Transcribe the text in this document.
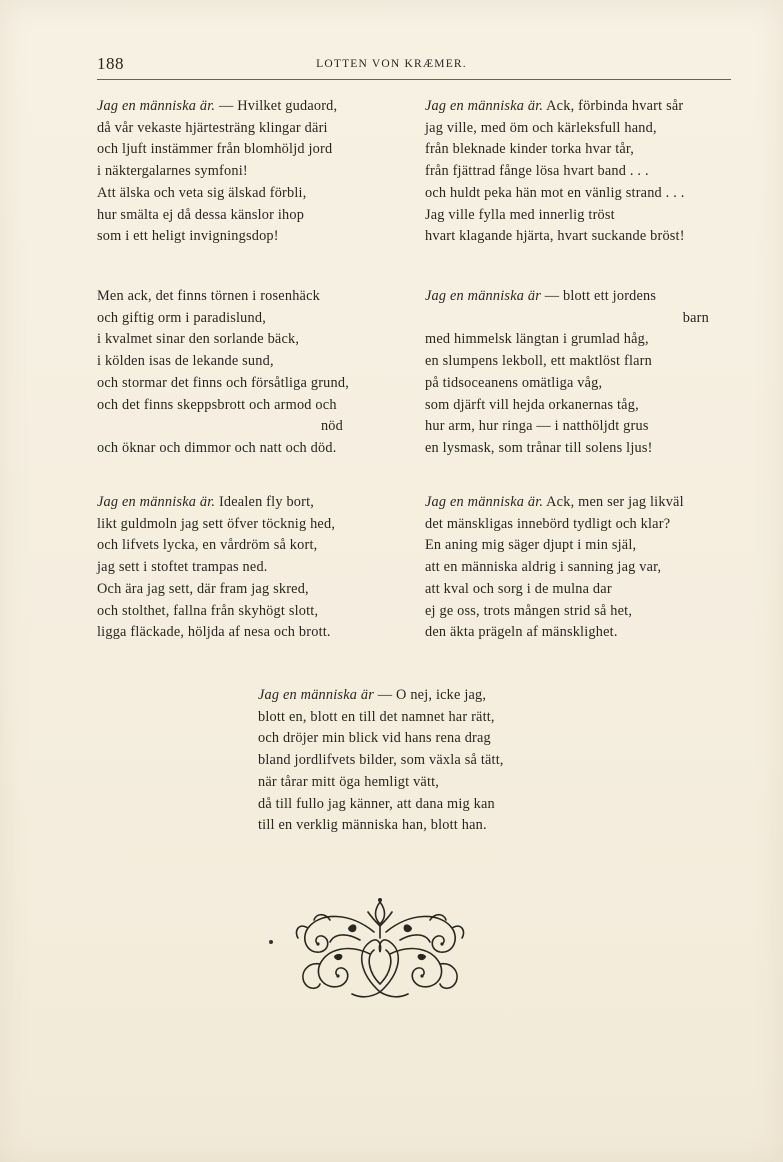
188	LOTTEN VON KRÆMER.
Jag en människa är. — Hvilket gudaord,
då vår vekaste hjärtesträng klingar däri
och ljuft instämmer från blomhöljd jord
i näktergalarnes symfoni!
Att älska och veta sig älskad förbli,
hur smälta ej då dessa känslor ihop
som i ett heligt invigningsdop!
Jag en människa är. Ack, förbinda hvart sår
jag ville, med öm och kärleksfull hand,
från bleknade kinder torka hvar tår,
från fjättrad fånge lösa hvart band . . .
och huldt peka hän mot en vänlig strand . . .
Jag ville fylla med innerlig tröst
hvart klagande hjärta, hvart suckande bröst!
Men ack, det finns törnen i rosenhäck
och giftig orm i paradislund,
i kvalmet sinar den sorlande bäck,
i kölden isas de lekande sund,
och stormar det finns och försåtliga grund,
och det finns skeppsbrott och armod och
nöd
och öknar och dimmor och natt och död.
Jag en människa är — blott ett jordens
barn
med himmelsk längtan i grumlad håg,
en slumpens lekboll, ett maktlöst flarn
på tidsoceanens omätliga våg,
som djärft vill hejda orkanernas tåg,
hur arm, hur ringa — i natthöljdt grus
en lysmask, som trånar till solens ljus!
Jag en människa är. Idealen fly bort,
likt guldmoln jag sett öfver töcknig hed,
och lifvets lycka, en vårdröm så kort,
jag sett i stoftet trampas ned.
Och ära jag sett, där fram jag skred,
och stolthet, fallna från skyhögt slott,
ligga fläckade, höljda af nesa och brott.
Jag en människa är. Ack, men ser jag likväl
det mänskligas innebörd tydligt och klar?
En aning mig säger djupt i min själ,
att en människa aldrig i sanning jag var,
att kval och sorg i de mulna dar
ej ge oss, trots mången strid så het,
den äkta prägeln af mänsklighet.
Jag en människa är — O nej, icke jag,
blott en, blott en till det namnet har rätt,
och dröjer min blick vid hans rena drag
bland jordlifvets bilder, som växla så tätt,
när tårar mitt öga hemligt vätt,
då till fullo jag känner, att dana mig kan
till en verklig människa han, blott han.
